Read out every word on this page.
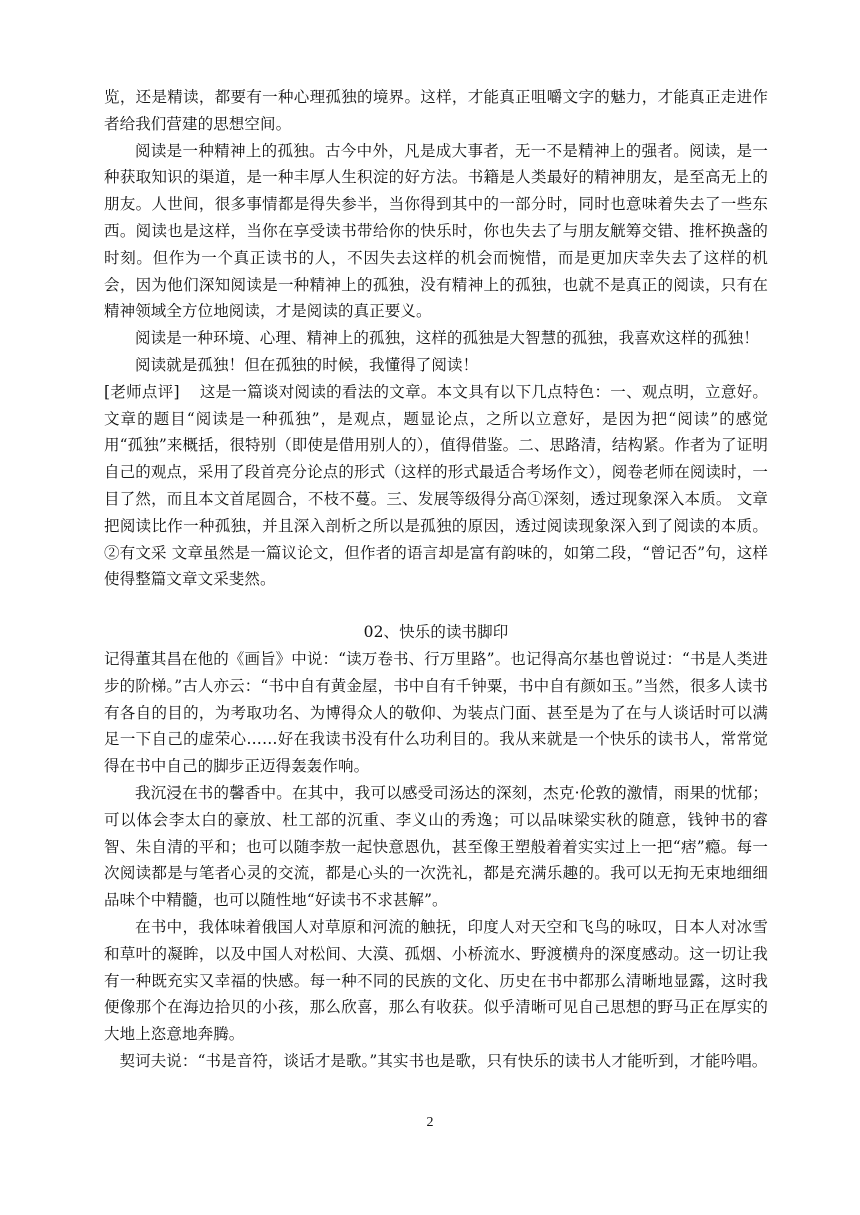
览，还是精读，都要有一种心理孤独的境界。这样，才能真正咀嚼文字的魅力，才能真正走进作者给我们营建的思想空间。

阅读是一种精神上的孤独。古今中外，凡是成大事者，无一不是精神上的强者。阅读，是一种获取知识的渠道，是一种丰厚人生积淀的好方法。书籍是人类最好的精神朋友，是至高无上的朋友。人世间，很多事情都是得失参半，当你得到其中的一部分时，同时也意味着失去了一些东西。阅读也是这样，当你在享受读书带给你的快乐时，你也失去了与朋友觥筹交错、推杯换盏的时刻。但作为一个真正读书的人，不因失去这样的机会而惋惜，而是更加庆幸失去了这样的机会，因为他们深知阅读是一种精神上的孤独，没有精神上的孤独，也就不是真正的阅读，只有在精神领域全方位地阅读，才是阅读的真正要义。

阅读是一种环境、心理、精神上的孤独，这样的孤独是大智慧的孤独，我喜欢这样的孤独！

阅读就是孤独！但在孤独的时候，我懂得了阅读！

[老师点评] 这是一篇谈对阅读的看法的文章。本文具有以下几点特色：一、观点明，立意好。文章的题目“阅读是一种孤独”，是观点，题显论点，之所以立意好，是因为把“阅读”的感觉用“孤独”来概括，很特别（即使是借用别人的），值得借鉴。二、思路清，结构紧。作者为了证明自己的观点，采用了段首亮分论点的形式（这样的形式最适合考场作文），阅卷老师在阅读时，一目了然，而且本文首尾圆合，不枝不蔓。三、发展等级得分高①深刻，透过现象深入本质。 文章把阅读比作一种孤独，并且深入剖析之所以是孤独的原因，透过阅读现象深入到了阅读的本质。②有文采 文章虽然是一篇议论文，但作者的语言却是富有韵味的，如第二段，“曾记否”句，这样使得整篇文章文采斐然。

02、快乐的读书脚印

记得董其昌在他的《画旨》中说：“读万卷书、行万里路”。也记得高尔基也曾说过：“书是人类进步的阶梯。”古人亦云：“书中自有黄金屋，书中自有千钟粟，书中自有颜如玉。”当然，很多人读书有各自的目的，为考取功名、为博得众人的敬仰、为装点门面、甚至是为了在与人谈话时可以满足一下自己的虚荣心……好在我读书没有什么功利目的。我从来就是一个快乐的读书人，常常觉得在书中自己的脚步正迈得轰轰作响。

我沉浸在书的馨香中。在其中，我可以感受司汤达的深刻，杰克·伦敦的激情，雨果的忧郁；可以体会李太白的豪放、杜工部的沉重、李义山的秀逸；可以品味梁实秋的随意，钱钟书的睿智、朱自清的平和；也可以随李敖一起快意恩仇，甚至像王塑般着着实实过上一把“痞”瘾。每一次阅读都是与笔者心灵的交流，都是心头的一次洗礼，都是充满乐趣的。我可以无拘无束地细细品味个中精髓，也可以随性地“好读书不求甚解”。

在书中，我体味着俄国人对草原和河流的触抚，印度人对天空和飞鸟的咏叹，日本人对冰雪和草叶的凝眸，以及中国人对松间、大漠、孤烟、小桥流水、野渡横舟的深度感动。这一切让我有一种既充实又幸福的快感。每一种不同的民族的文化、历史在书中都那么清晰地显露，这时我便像那个在海边拾贝的小孩，那么欣喜，那么有收获。似乎清晰可见自己思想的野马正在厚实的大地上恣意地奔腾。

契诃夫说：“书是音符，谈话才是歌。”其实书也是歌，只有快乐的读书人才能听到，才能吟唱。

2
